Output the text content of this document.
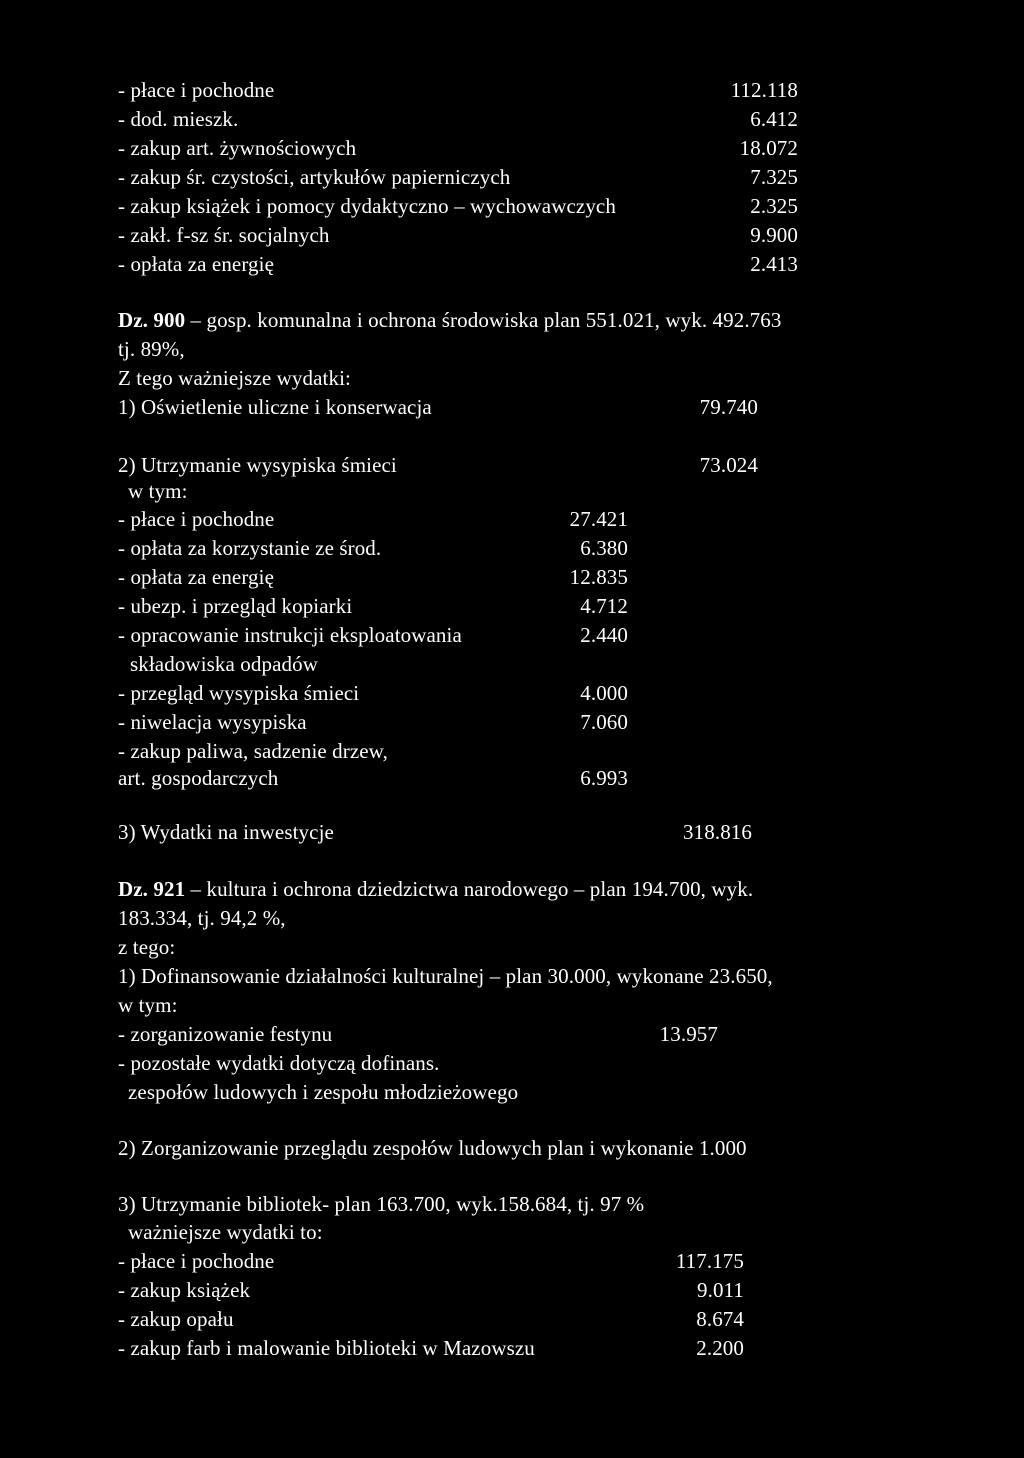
- płace i pochodne	112.118
- dod. mieszk.	6.412
- zakup art. żywnościowych	18.072
- zakup śr. czystości, artykułów papierniczych	7.325
- zakup książek i pomocy dydaktyczno – wychowawczych	2.325
- zakł. f-sz śr. socjalnych	9.900
- opłata za energię	2.413
Dz. 900 – gosp. komunalna i ochrona środowiska plan 551.021, wyk. 492.763
tj. 89%,
Z tego ważniejsze wydatki:
1) Oświetlenie uliczne i konserwacja	79.740
2) Utrzymanie wysypiska śmieci	73.024
w tym:
- płace i pochodne	27.421
- opłata za korzystanie ze środ.	6.380
- opłata za energię	12.835
- ubezp. i przegląd kopiarki	4.712
- opracowanie instrukcji eksploatowania	2.440
składowiska odpadów
- przegląd wysypiska śmieci	4.000
- niwelacja wysypiska	7.060
- zakup paliwa, sadzenie drzew,
art. gospodarczych	6.993
3) Wydatki na inwestycje	318.816
Dz. 921 – kultura i ochrona dziedzictwa narodowego – plan 194.700, wyk.
183.334, tj. 94,2 %,
z tego:
1) Dofinansowanie działalności kulturalnej – plan 30.000, wykonane 23.650,
w tym:
- zorganizowanie festynu	13.957
- pozostałe wydatki dotyczą dofinans.
zespołów ludowych i zespołu młodzieżowego
2) Zorganizowanie przeglądu zespołów ludowych plan i wykonanie 1.000
3) Utrzymanie bibliotek- plan 163.700, wyk.158.684, tj. 97 %
ważniejsze wydatki to:
- płace i pochodne	117.175
- zakup książek	9.011
- zakup opału	8.674
- zakup farb i malowanie biblioteki w Mazowszu	2.200
